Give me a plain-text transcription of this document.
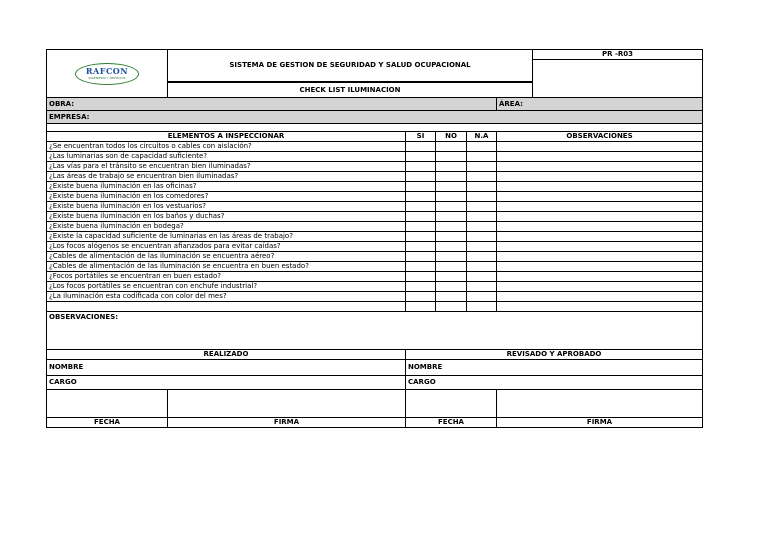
RAFCON
INGENIERIA Y SERVICIOS	SISTEMA DE GESTION DE SEGURIDAD Y SALUD OCUPACIONAL					PR -R03

	CHECK LIST ILUMINACION					
OBRA:					ÁREA:	
EMPRESA:						

ELEMENTOS A INSPECCIONAR		SI	NO	N.A	OBSERVACIONES	
¿Se encuentran todos los circuitos o cables con aislación?						
¿Las luminarias son de capacidad suficiente?						
¿Las vías para el tránsito se encuentran bien iluminadas?						
¿Las áreas de trabajo se encuentran bien iluminadas?						
¿Existe buena iluminación en las oficinas?						
¿Existe buena iluminación en los comedores?						
¿Existe buena iluminación en los vestuarios?						
¿Existe buena iluminación en los baños y duchas?						
¿Existe buena iluminación en bodega?						
¿Existe la capacidad suficiente de luminarias en las áreas de trabajo?						
¿Los focos alógenos se encuentran afianzados para evitar caídas?						
¿Cables de alimentación de las iluminación se encuentra aéreo?						
¿Cables de alimentación de las iluminación se encuentra en buen estado?						
¿Focos portátiles se encuentran en buen estado?						
¿Los focos portátiles se encuentran con enchufe industrial?						
¿La iluminación esta codificada con color del mes?						

OBSERVACIONES:						
REALIZADO		REVISADO Y APROBADO				
NOMBRE		NOMBRE				
CARGO		CARGO				

FECHA	FIRMA	FECHA			FIRMA	
